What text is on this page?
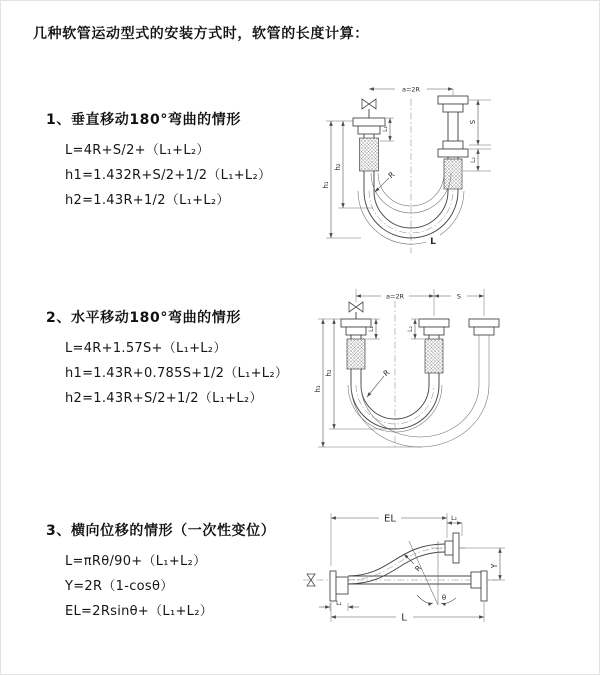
几种软管运动型式的安装方式时，软管的长度计算：
1、垂直移动180°弯曲的情形
L=4R+S/2+（L₁+L₂）
h1=1.432R+S/2+1/2（L₁+L₂）
h2=1.43R+1/2（L₁+L₂）
2、水平移动180°弯曲的情形
L=4R+1.57S+（L₁+L₂）
h1=1.43R+0.785S+1/2（L₁+L₂）
h2=1.43R+S/2+1/2（L₁+L₂）
3、横向位移的情形（一次性变位）
L=πRθ/90+（L₁+L₂）
Y=2R（1-cosθ）
EL=2Rsinθ+（L₁+L₂）
a=2R
h₁
h₂
L₁
S
L₂
R
L
a=2R	S
h₁
h₂
L₁	L₂
R
EL	L₂
Y
L
L₁
θ
R
